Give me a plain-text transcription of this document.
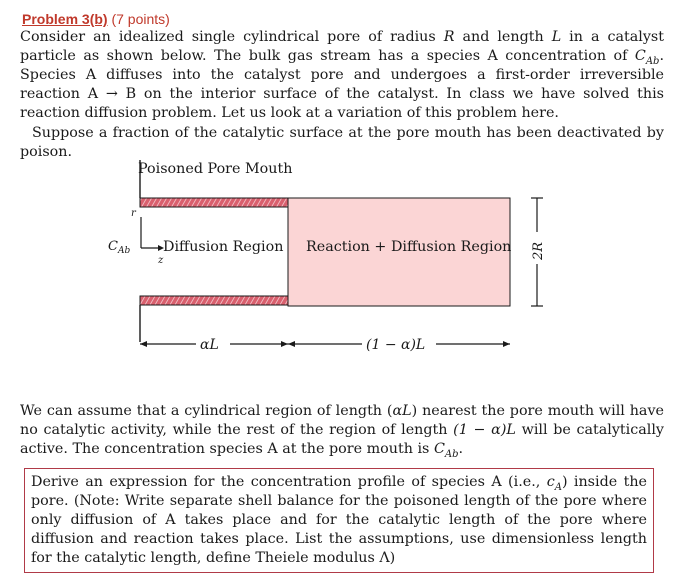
Problem 3(b) (7 points)

Consider an idealized single cylindrical pore of radius R and length L in a catalyst particle as shown below. The bulk gas stream has a species A concentration of $C_{Ab}$. Species A diffuses into the catalyst pore and undergoes a first-order irreversible reaction A → B on the interior surface of the catalyst. In class we have solved this reaction diffusion problem. Let us look at a variation of this problem here.

Suppose a fraction of the catalytic surface at the pore mouth has been deactivated by poison.

Poisoned Pore Mouth
r
z
$C_{Ab}$ Diffusion Region Reaction + Diffusion Region 2R
αL	(1 − α)L

We can assume that a cylindrical region of length (αL) nearest the pore mouth will have no catalytic activity, while the rest of the region of length (1 − α)L will be catalytically active. The concentration species A at the pore mouth is $C_{Ab}$.

Derive an expression for the concentration profile of species A (i.e., $c_A$) inside the pore. (Note: Write separate shell balance for the poisoned length of the pore where only diffusion of A takes place and for the catalytic length of the pore where diffusion and reaction takes place. List the assumptions, use dimensionless length for the catalytic length, define Theiele modulus Λ)
